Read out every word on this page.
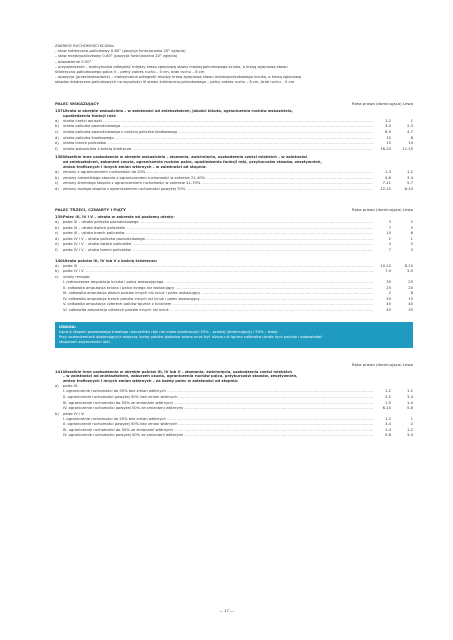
ZAKRESY RUCHOMOŚCI KCIUKA:

– staw śródręczno-paliczkowy 0-60° (pozycja funkcjonalna 20° zgięcia)

– staw międzypaliczkowy 0-80° (pozycja funkcjonalna 20° zgięcia)

– odwodzenie 0-50°

– przywiedzenie – maksymalna odległość między kresą zgięciową stawu międzypaliczkowego kciuka, a kresą zgięciową stawu

śródręczno-paliczkowego palca V – pełny zakres ruchu – 0 cm, brak ruchu – 8 cm

– opozycja (przeciwstawianie) – maksymalna odległość między kresą zgięciową stawu międzypaliczkowego kciuka, a kresą zgięciową

stawów śródręczno-paliczkowych na wysokości III stawu śródręczno-paliczkowego – pełny zakres ruchu – 8 cm, brak ruchu – 0 cm

PALEC WSKAZUJĄCY	Ręka prawa (dominująca) Lewa
137.Utrata w obrębie wskaziciela – w zależności od zniekształceń, jakości kikuta, ograniczenia ruchów wskaziciela,
upośledzenia funkcji ręki:
a)	utrata części opuszki .....	1-2	1
b)	utrata paliczka paznokciowego .....	3-5	2-3
c)	utrata paliczka paznokciowego z częścią paliczka środkowego .....	6-9	4-7
d)	utrata paliczka środkowego .....	10	8
e)	utrata trzech paliczków .....	15	10
f)	utrata wskaziciela z kością śródręcza .....	16-20	11-15
138.Wszelkie inne uszkodzenia w obrębie wskaziciela – złamania, zwichnięcia, uszkodzenia części miękkich – w zależności
od zniekształceń, zaburzeń czucia, ograniczenia ruchów palca, upośledzenia funkcji ręki, przykurczów stawów, zesztywnień,
zmian troficznych i innych zmian wtórnych – w zależności od stopnia:
a)	zmiany z ograniczeniem ruchomości do 20% .....	1-3	1-2
b)	zmiany niewielkiego stopnia z ograniczeniem ruchomości w zakresie 21-40% .....	4-6	3-4
c)	zmiany średniego stopnia z ograniczeniem ruchomości w zakresie 41-70% .....	7-11	5-7
d)	zmiany dużego stopnia z ograniczeniem ruchomości powyżej 70% .....	12-15	8-10
PALEC TRZECI, CZWARTY I PIĄTY	Ręka prawa (dominująca) Lewa
139.Palec III, IV i V – utrata w zakresie od poziomu utraty:
a)	palec III – utrata paliczka paznokciowego .....	3	2
b)	palec III – utrata dwóch paliczków .....	7	5
c)	palec III – utrata trzech paliczków .....	10	8
d)	palec IV i V – utrata paliczka paznokciowego .....	2	1
e)	palec IV i V – utrata dwóch paliczków .....	4	2
f)	palec IV i V – utrata trzech paliczków .....	7	3
140.Utrata palców III, IV lub V z kością śródręcza:
a)	palec III .....	10-12	8-10
b)	palec IV i V .....	7-9	3-5
c) utraty mnogie:
I. jednoczesna amputacja kciuka i palca wskazującego .....	35	25
II. całkowita amputacja kciuka i palca innego niż wskazujący .....	25	20
III. całkowita amputacja dwóch palców innych niż kciuk i palec wskazujący .....	2	8
IV. całkowita amputacja trzech palców innych niż kciuk i palec wskazujący .....	20	15
V. całkowita amputacja czterech palców łącznie z kciukiem .....	45	40
VI. całkowita amputacja czterech palców innych niż kciuk .....	40	35
UWAGA:
Łączny stopień powstawego trwałego uszczerbku ręki nie może przekroczyć 55% – prawej (dominującej) i 50% – lewej.
Przy uszkodzeniach obejmujących większą liczbę palców globalna ocena musi być niższa niż łączna całkowita utrata tych palców i odpowiadać
stopniowi użyteczności ręki.
Ręka prawa (dominująca) Lewa
141.Wszelkie inne uszkodzenia w obrębie palców III, IV lub V – złamania, zwichnięcia, uszkodzenia części miękkich
– w zależności od zniekształceń, zaburzeń czucia, ograniczenia ruchów palca, przykurczów stawów, zesztywnień,
zmian troficznych i innych zmian wtórnych – za każdy palec w zależności od stopnia:
a) palec III:
I. ograniczenie ruchomości do 50% bez zmian wtórnych .....	1-2	1-2
II. ograniczenie ruchomości powyżej 50% bez zmian wtórnych .....	3-5	3-4
III. ograniczenie ruchomości do 50% ze zmianami wtórnymi .....	1-5	1-4
IV. ograniczenie ruchomości powyżej 50% ze zmianami wtórnymi .....	6-10	5-8
b) palec IV i V:
I. ograniczenie ruchomości do 50% bez zmian wtórnych .....	1-2	1
II. ograniczenie ruchomości powyżej 50% bez zmian wtórnych .....	3-4	2
III. ograniczenie ruchomości do 50% ze zmianami wtórnymi .....	1-4	1-2
IV. ograniczenie ruchomości powyżej 50% ze zmianami wtórnymi .....	5-8	3-4
— 17 —
